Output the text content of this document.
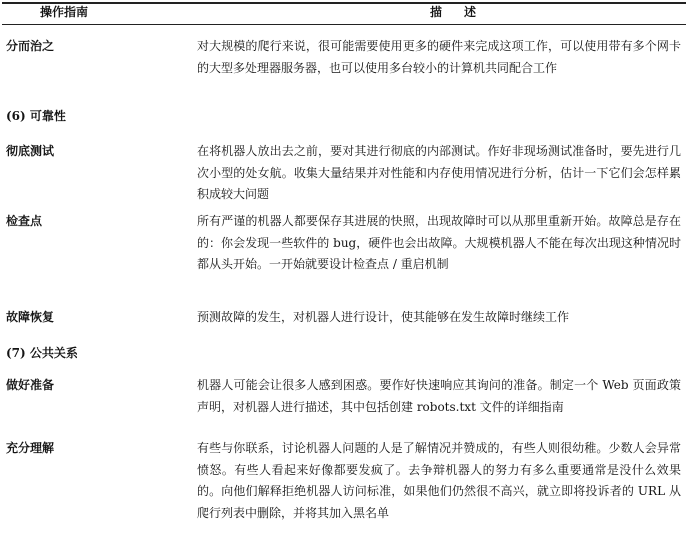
操作指南	描述
分而治之	对大规模的爬行来说，很可能需要使用更多的硬件来完成这项工作，可以使用带有多个网卡的大型多处理器服务器，也可以使用多台较小的计算机共同配合工作
(6) 可靠性
彻底测试	在将机器人放出去之前，要对其进行彻底的内部测试。作好非现场测试准备时，要先进行几次小型的处女航。收集大量结果并对性能和内存使用情况进行分析，估计一下它们会怎样累积成较大问题
检查点	所有严谨的机器人都要保存其进展的快照，出现故障时可以从那里重新开始。故障总是存在的：你会发现一些软件的 bug，硬件也会出故障。大规模机器人不能在每次出现这种情况时都从头开始。一开始就要设计检查点 / 重启机制
故障恢复	预测故障的发生，对机器人进行设计，使其能够在发生故障时继续工作
(7) 公共关系
做好准备	机器人可能会让很多人感到困惑。要作好快速响应其询问的准备。制定一个 Web 页面政策声明，对机器人进行描述，其中包括创建 robots.txt 文件的详细指南
充分理解	有些与你联系，讨论机器人问题的人是了解情况并赞成的，有些人则很幼稚。少数人会异常愤怒。有些人看起来好像都要发疯了。去争辩机器人的努力有多么重要通常是没什么效果的。向他们解释拒绝机器人访问标准，如果他们仍然很不高兴，就立即将投诉者的 URL 从爬行列表中删除，并将其加入黑名单
